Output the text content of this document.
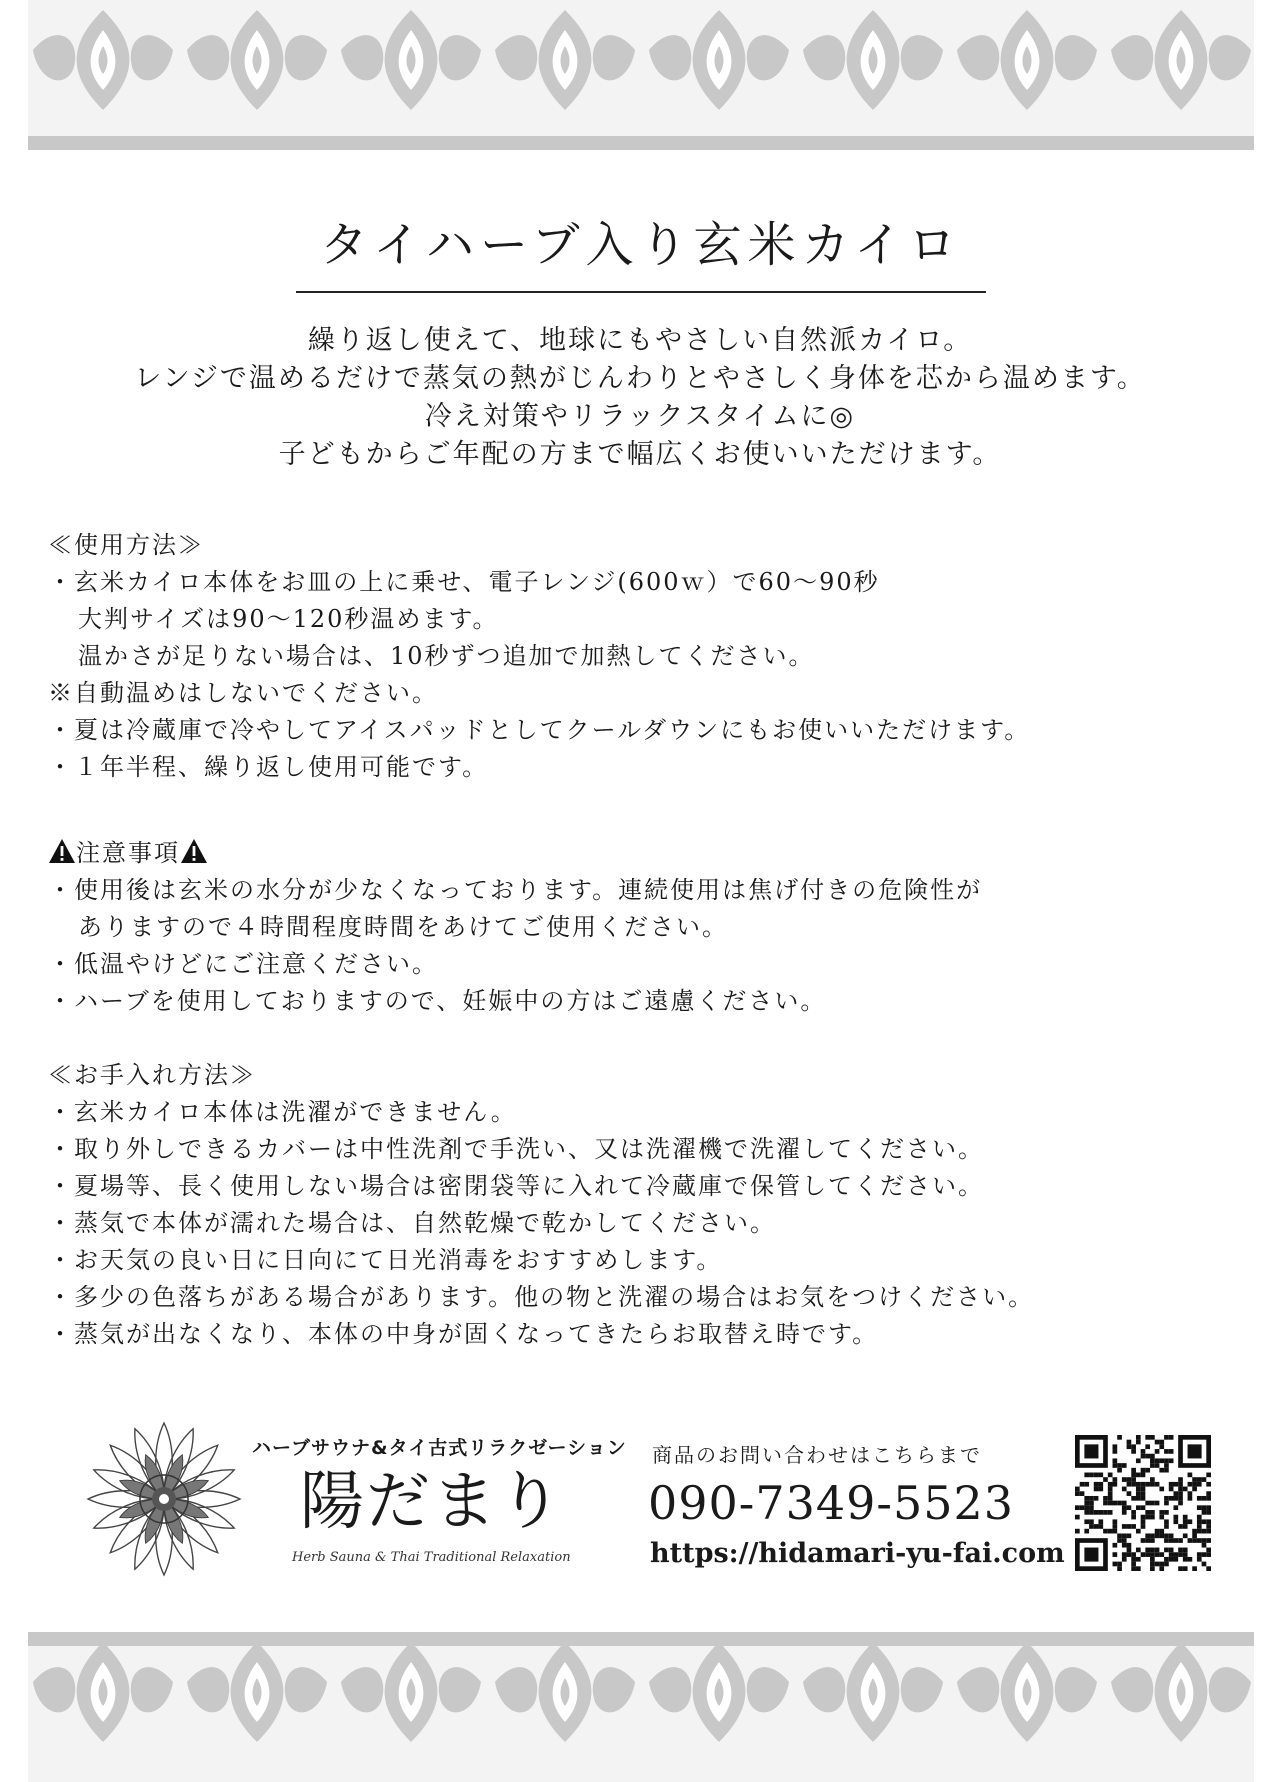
タイハーブ入り玄米カイロ
繰り返し使えて、地球にもやさしい自然派カイロ。
レンジで温めるだけで蒸気の熱がじんわりとやさしく身体を芯から温めます。
冷え対策やリラックスタイムに◎
子どもからご年配の方まで幅広くお使いいただけます。
≪使用方法≫
・玄米カイロ本体をお皿の上に乗せ、電子レンジ(600ｗ）で60〜90秒
大判サイズは90〜120秒温めます。
温かさが足りない場合は、10秒ずつ追加で加熱してください。
※自動温めはしないでください。
・夏は冷蔵庫で冷やしてアイスパッドとしてクールダウンにもお使いいただけます。
・１年半程、繰り返し使用可能です。
注意事項
・使用後は玄米の水分が少なくなっております。連続使用は焦げ付きの危険性が
ありますので４時間程度時間をあけてご使用ください。
・低温やけどにご注意ください。
・ハーブを使用しておりますので、妊娠中の方はご遠慮ください。
≪お手入れ方法≫
・玄米カイロ本体は洗濯ができません。
・取り外しできるカバーは中性洗剤で手洗い、又は洗濯機で洗濯してください。
・夏場等、長く使用しない場合は密閉袋等に入れて冷蔵庫で保管してください。
・蒸気で本体が濡れた場合は、自然乾燥で乾かしてください。
・お天気の良い日に日向にて日光消毒をおすすめします。
・多少の色落ちがある場合があります。他の物と洗濯の場合はお気をつけください。
・蒸気が出なくなり、本体の中身が固くなってきたらお取替え時です。
ハーブサウナ&タイ古式リラクゼーション
陽だまり
Herb Sauna & Thai Traditional Relaxation
商品のお問い合わせはこちらまで
090-7349-5523
https://hidamari-yu-fai.com
